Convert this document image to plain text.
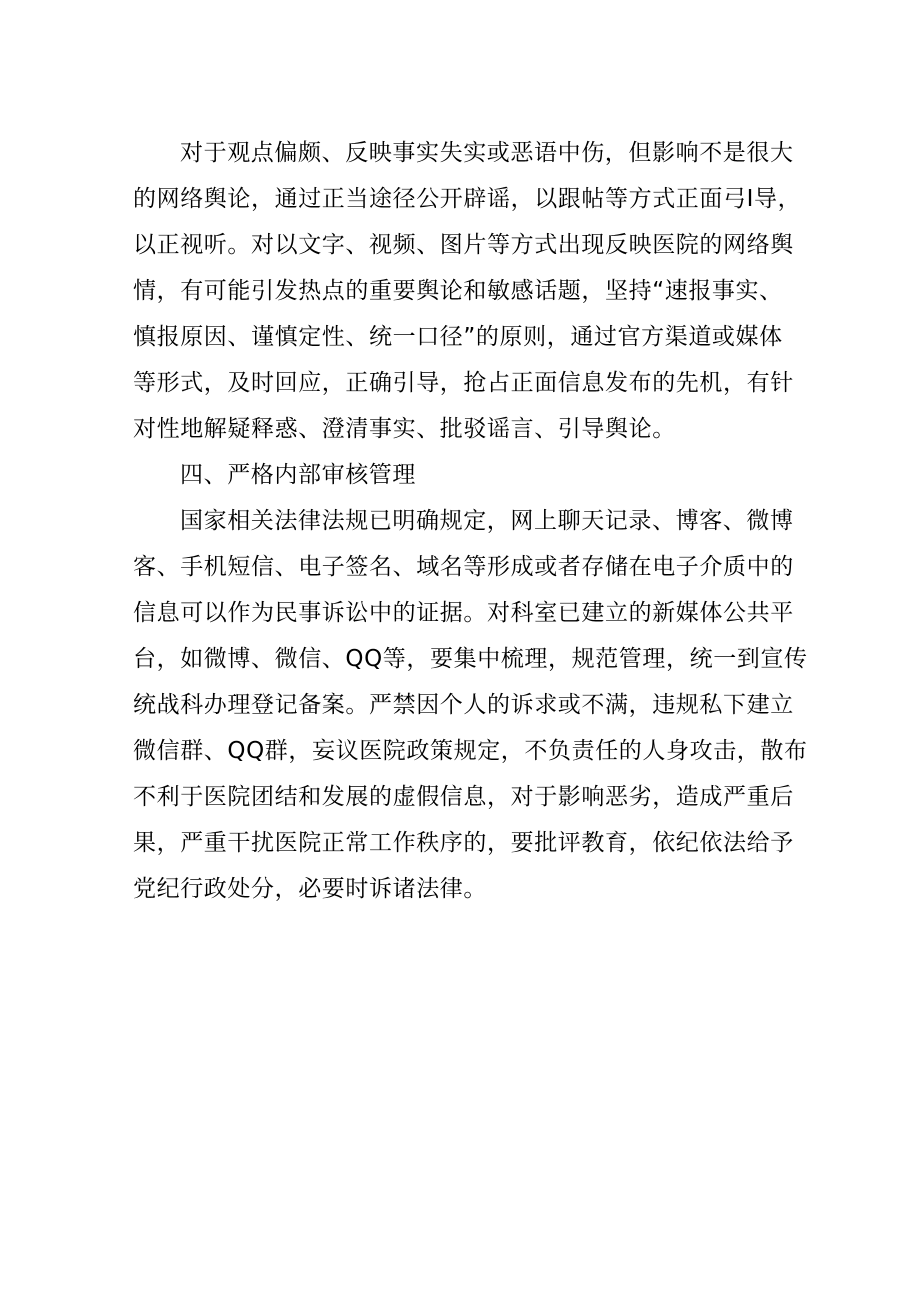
对于观点偏颇、反映事实失实或恶语中伤，但影响不是很大
的网络舆论，通过正当途径公开辟谣，以跟帖等方式正面弓I导，
以正视听。对以文字、视频、图片等方式出现反映医院的网络舆
情，有可能引发热点的重要舆论和敏感话题，坚持“速报事实、
慎报原因、谨慎定性、统一口径”的原则，通过官方渠道或媒体
等形式，及时回应，正确引导，抢占正面信息发布的先机，有针
对性地解疑释惑、澄清事实、批驳谣言、引导舆论。
四、严格内部审核管理
国家相关法律法规已明确规定，网上聊天记录、博客、微博
客、手机短信、电子签名、域名等形成或者存储在电子介质中的
信息可以作为民事诉讼中的证据。对科室已建立的新媒体公共平
台，如微博、微信、QQ等，要集中梳理，规范管理，统一到宣传
统战科办理登记备案。严禁因个人的诉求或不满，违规私下建立
微信群、QQ群，妄议医院政策规定，不负责任的人身攻击，散布
不利于医院团结和发展的虚假信息，对于影响恶劣，造成严重后
果，严重干扰医院正常工作秩序的，要批评教育，依纪依法给予
党纪行政处分，必要时诉诸法律。
